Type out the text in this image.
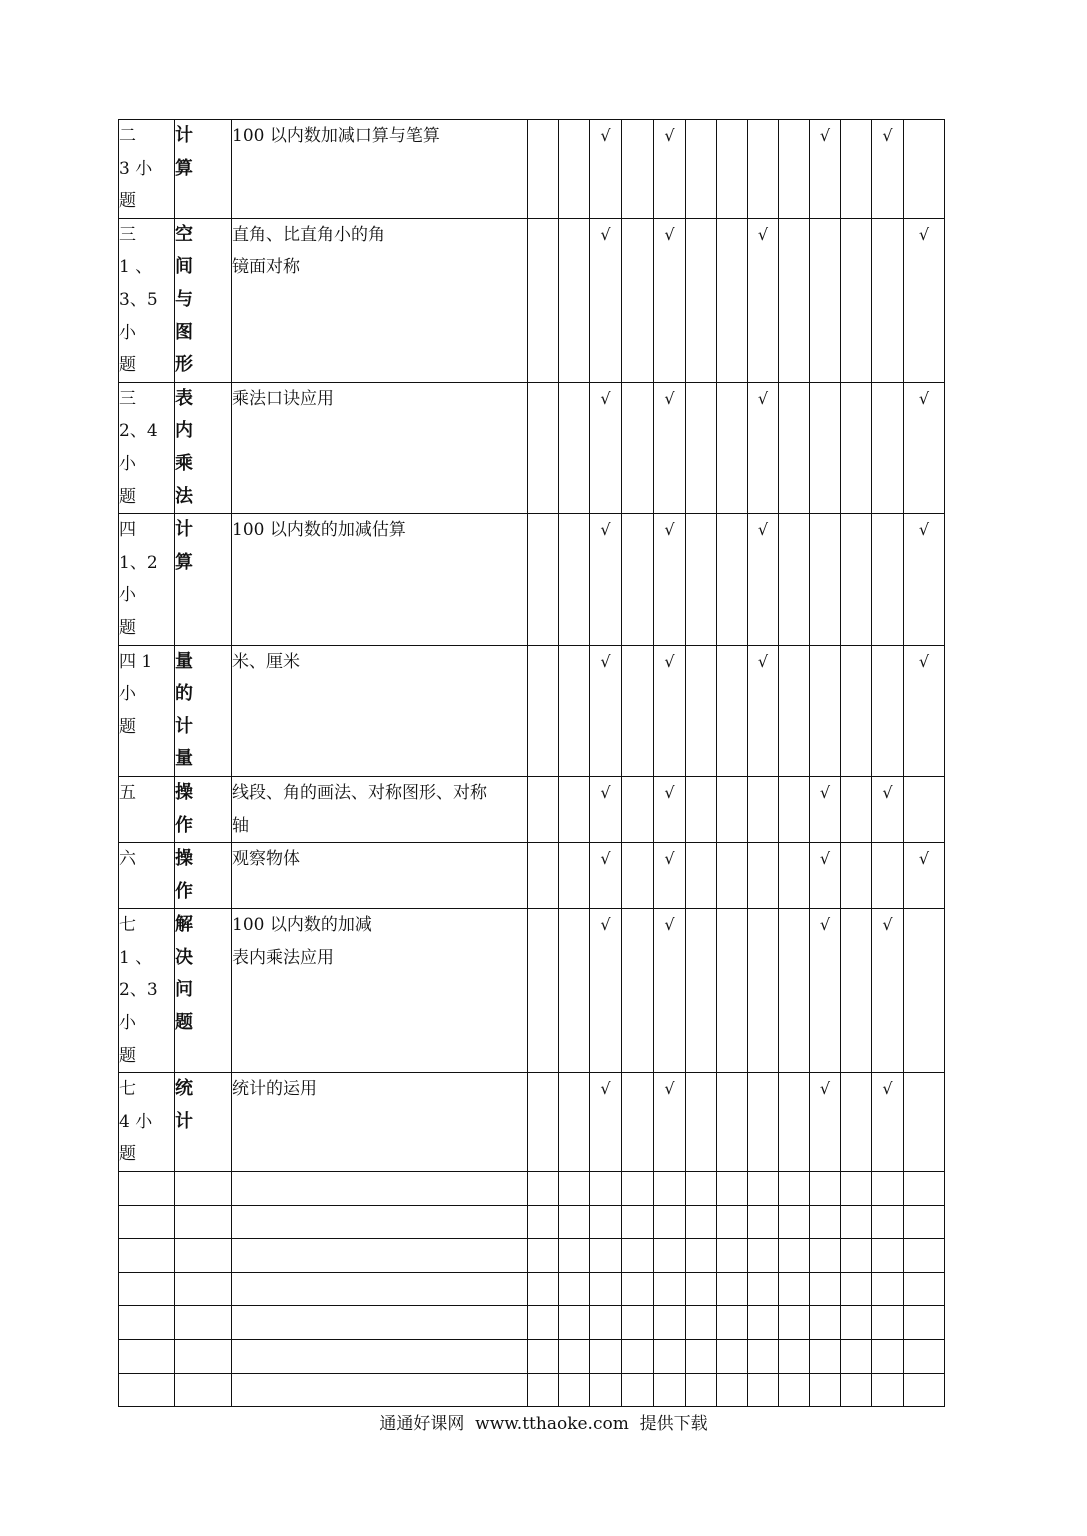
二
3 小
题	计
算	100 以内数加减口算与笔算			√		√					√		√	

三
1 、
3、5
小
题	空
间
与
图
形	直角、比直角小的角
镜面对称			√		√			√					√

三
2、4
小
题	表
内
乘
法	乘法口诀应用			√		√			√					√

四
1、2
小
题	计
算	100 以内数的加减估算			√		√			√					√

四 1
小
题	量
的
计
量	米、厘米			√		√			√					√

五	操
作	线段、角的画法、对称图形、对称
轴			√		√					√		√	

六	操
作	观察物体			√		√					√			√

七
1 、
2、3
小
题	解
决
问
题	100 以内数的加减
表内乘法应用			√		√					√		√	

七
4 小
题	统
计	统计的运用			√		√					√		√	

通通好课网  www.tthaoke.com  提供下载
